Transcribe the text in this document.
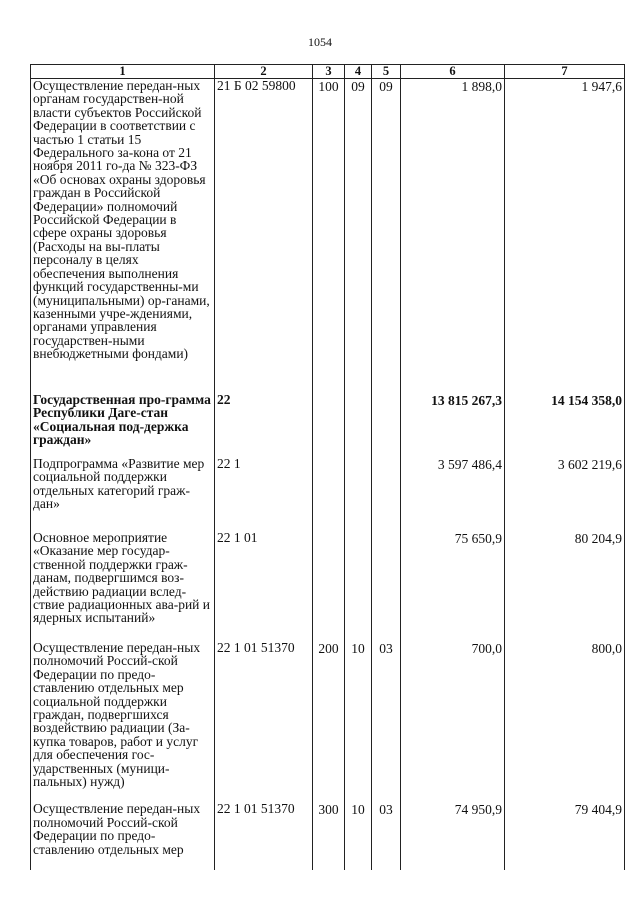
1054
1	2	3	4	5	6	7
Осуществление передан-ных органам государствен-ной власти субъектов Российской Федерации в соответствии с частью 1 статьи 15 Федерального за-кона от 21 ноября 2011 го-да № 323-ФЗ «Об основах охраны здоровья граждан в Российской Федерации» полномочий Российской Федерации в сфере охраны здоровья (Расходы на вы-платы персоналу в целях обеспечения выполнения функций государственны-ми (муниципальными) ор-ганами, казенными учре-ждениями, органами управления государствен-ными внебюджетными фондами)	21 Б 02 59800	100	09	09	1 898,0	1 947,6
Государственная про-грамма Республики Даге-стан «Социальная под-держка граждан»	22				13 815 267,3	14 154 358,0
Подпрограмма «Развитие мер социальной поддержки отдельных категорий граж-дан»	22 1				3 597 486,4	3 602 219,6
Основное мероприятие «Оказание мер государ-ственной поддержки граж-данам, подвергшимся воз-действию радиации вслед-ствие радиационных ава-рий и ядерных испытаний»	22 1 01				75 650,9	80 204,9
Осуществление передан-ных полномочий Россий-ской Федерации по предо-ставлению отдельных мер социальной поддержки граждан, подвергшихся воздействию радиации (За-купка товаров, работ и услуг для обеспечения гос-ударственных (муници-пальных) нужд)	22 1 01 51370	200	10	03	700,0	800,0
Осуществление передан-ных полномочий Россий-ской Федерации по предо-ставлению отдельных мер	22 1 01 51370	300	10	03	74 950,9	79 404,9
